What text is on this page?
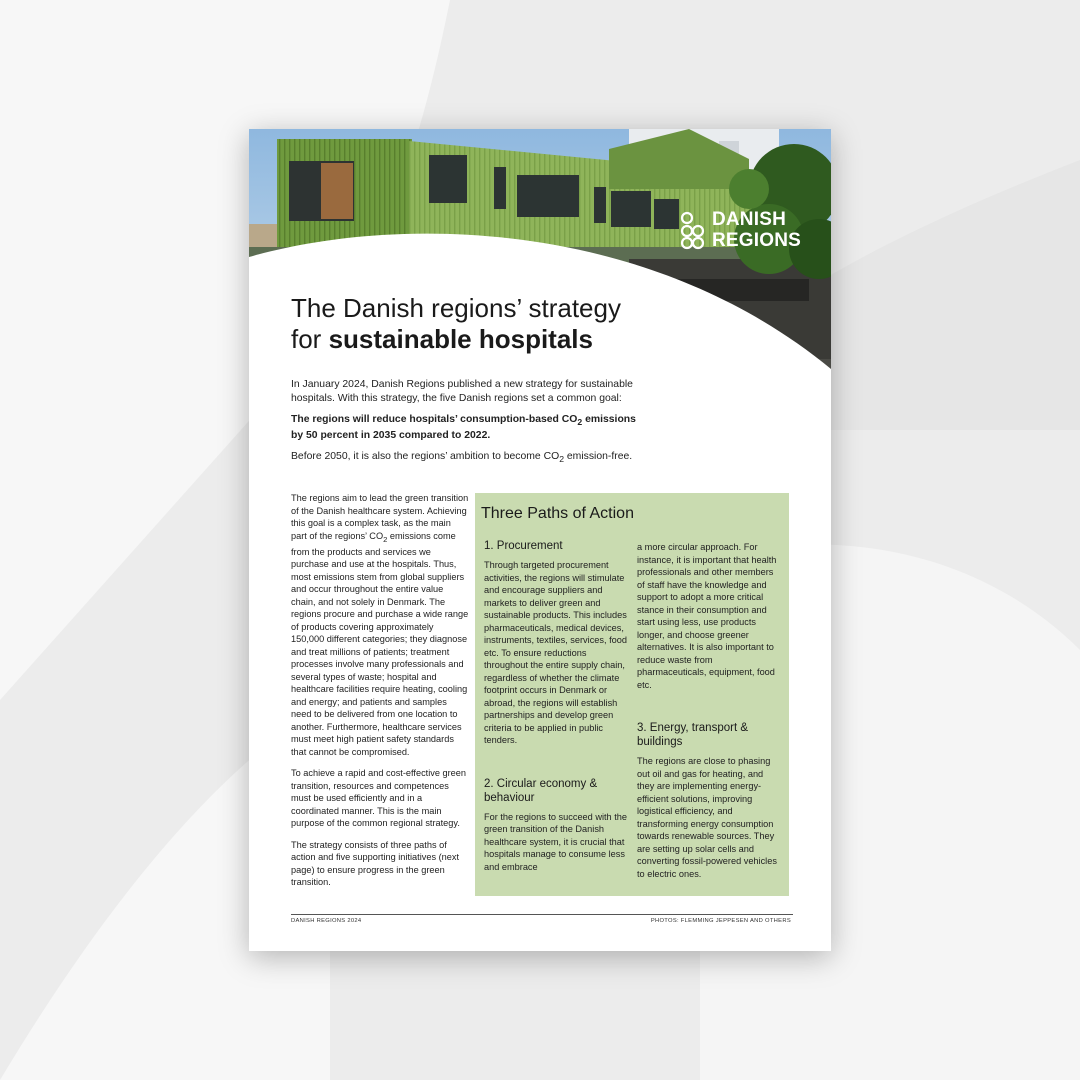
DANISH
REGIONS
The Danish regions’ strategy
for sustainable hospitals

In January 2024, Danish Regions published a new strategy for sustainable hospitals. With this strategy, the five Danish regions set a common goal:

The regions will reduce hospitals’ consumption-based $CO_2$ emissions by 50 percent in 2035 compared to 2022.

Before 2050, it is also the regions’ ambition to become $CO_2$ emission-free.

The regions aim to lead the green transition of the Danish healthcare system. Achieving this goal is a complex task, as the main part of the regions’ $CO_2$ emissions come from the products and services we purchase and use at the hospitals. Thus, most emissions stem from global suppliers and occur throughout the entire value chain, and not solely in Denmark. The regions procure and purchase a wide range of products covering approximately 150,000 different categories; they diagnose and treat millions of patients; treatment processes involve many professionals and several types of waste; hospital and healthcare facilities require heating, cooling and energy; and patients and samples need to be delivered from one location to another. Furthermore, healthcare services must meet high patient safety standards that cannot be compromised.

To achieve a rapid and cost-effective green transition, resources and competences must be used efficiently and in a coordinated manner. This is the main purpose of the common regional strategy.

The strategy consists of three paths of action and five supporting initiatives (next page) to ensure progress in the green transition.

Three Paths of Action
1. Procurement

Through targeted procurement activities, the regions will stimulate and encourage suppliers and markets to deliver green and sustainable products. This includes pharmaceuticals, medical devices, instruments, textiles, services, food etc. To ensure reductions throughout the entire supply chain, regardless of whether the climate footprint occurs in Denmark or abroad, the regions will establish partnerships and develop green criteria to be applied in public tenders.

2. Circular economy & behaviour

For the regions to succeed with the green transition of the Danish healthcare system, it is crucial that hospitals manage to consume less and embrace

a more circular approach. For instance, it is important that health professionals and other members of staff have the knowledge and support to adopt a more critical stance in their consumption and start using less, use products longer, and choose greener alternatives. It is also important to reduce waste from pharmaceuticals, equipment, food etc.

3. Energy, transport & buildings

The regions are close to phasing out oil and gas for heating, and they are implementing energy-efficient solutions, improving logistical efficiency, and transforming energy consumption towards renewable sources. They are setting up solar cells and converting fossil-powered vehicles to electric ones.

DANISH REGIONS 2024	PHOTOS: FLEMMING JEPPESEN AND OTHERS
